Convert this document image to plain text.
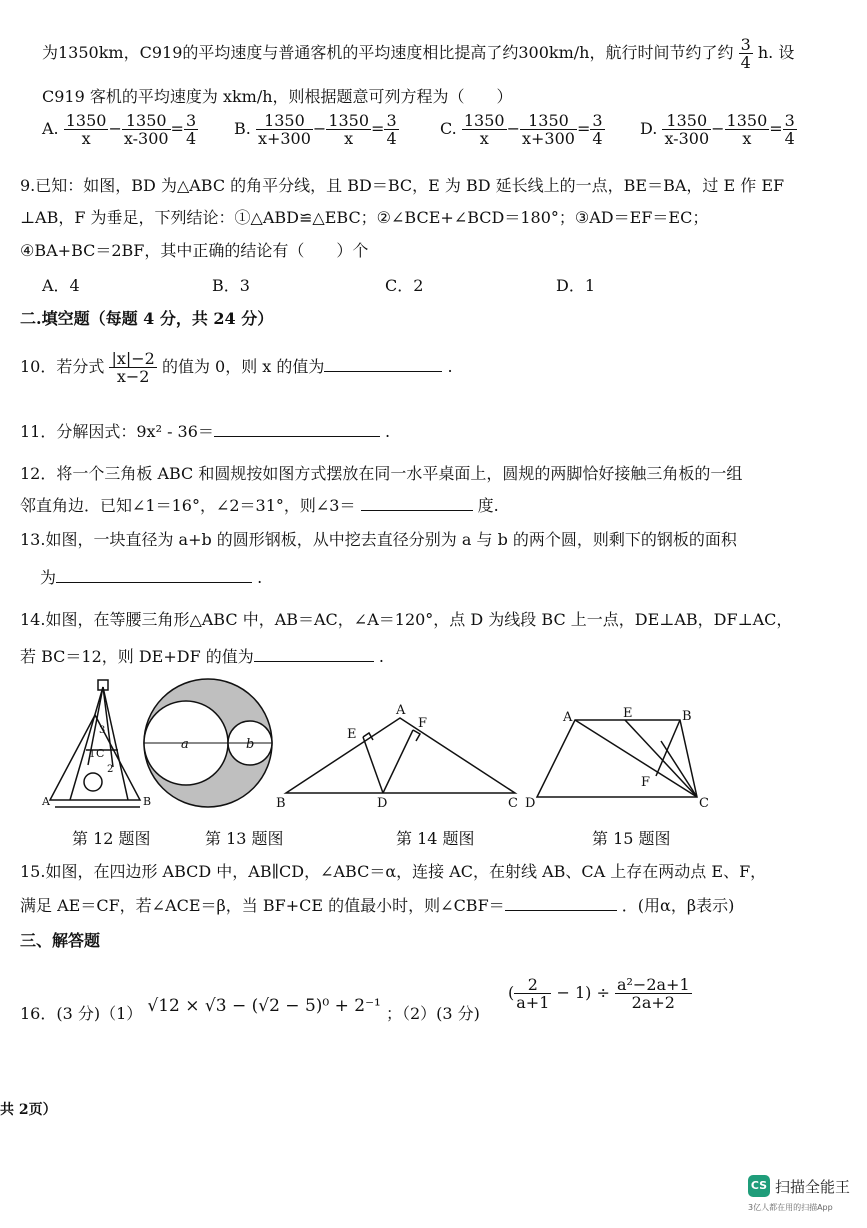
为1350km，C919的平均速度与普通客机的平均速度相比提高了约300km/h，航行时间节约了约 $\frac{3}{4} h$. 设
C919 客机的平均速度为 xkm/h，则根据题意可列方程为（　　）
A. $\frac{1350}{x} - \frac{1350}{x-300} = \frac{3}{4} B$. $\frac{1350}{x+300} - \frac{1350}{x} = \frac{3}{4}$	C. $\frac{1350}{x} - \frac{1350}{x+300} = \frac{3}{4} D$. $\frac{1350}{x-300} - \frac{1350}{x} = \frac{3}{4}$
9.已知：如图，BD 为△ABC 的角平分线，且 BD＝BC，E 为 BD 延长线上的一点，BE＝BA，过 E 作 EF
⊥AB，F 为垂足，下列结论：①△ABD≌△EBC；②∠BCE+∠BCD＝180°；③AD＝EF＝EC；
④BA+BC＝2BF，其中正确的结论有（　　）个
A．4	B．3	C．2	D．1
二.填空题（每题 4 分，共 24 分）
10．若分式 $\frac{|x|-2}{x-2}$ 的值为 0，则 x 的值为	.
11．分解因式：9x² - 36＝	.
12．将一个三角板 ABC 和圆规按如图方式摆放在同一水平桌面上，圆规的两脚恰好接触三角板的一组
邻直角边．已知∠1＝16°，∠2＝31°，则∠3＝	度.
13.如图，一块直径为 a+b 的圆形钢板，从中挖去直径分别为 a 与 b 的两个圆，则剩下的钢板的面积
为	.
14.如图，在等腰三角形△ABC 中，AB＝AC，∠A＝120°，点 D 为线段 BC 上一点，DE⊥AB，DF⊥AC，
若 BC＝12，则 DE+DF 的值为	.
A	B
C
1
2
3
a	b
A
B	C
D
E
F	A	B
C
D
E
F
第 12 题图	第 13 题图	第 14 题图	第 15 题图
15.如图，在四边形 ABCD 中，AB∥CD，∠ABC＝α，连接 AC，在射线 AB、CA 上存在两动点 E、F，
满足 AE＝CF，若∠ACE＝β，当 BF+CE 的值最小时，则∠CBF＝	．(用α，β表示)
三、解答题
16．(3 分)（1） √12 × √3 − (√2 − 5)⁰ + 2⁻¹ ；（2）(3 分)
( $\frac{2}{a+1} - 1) \div \frac{\text{a²−2a+1}}{2a+2}$
共 2页）
CS 扫描全能王
3亿人都在用的扫描App
